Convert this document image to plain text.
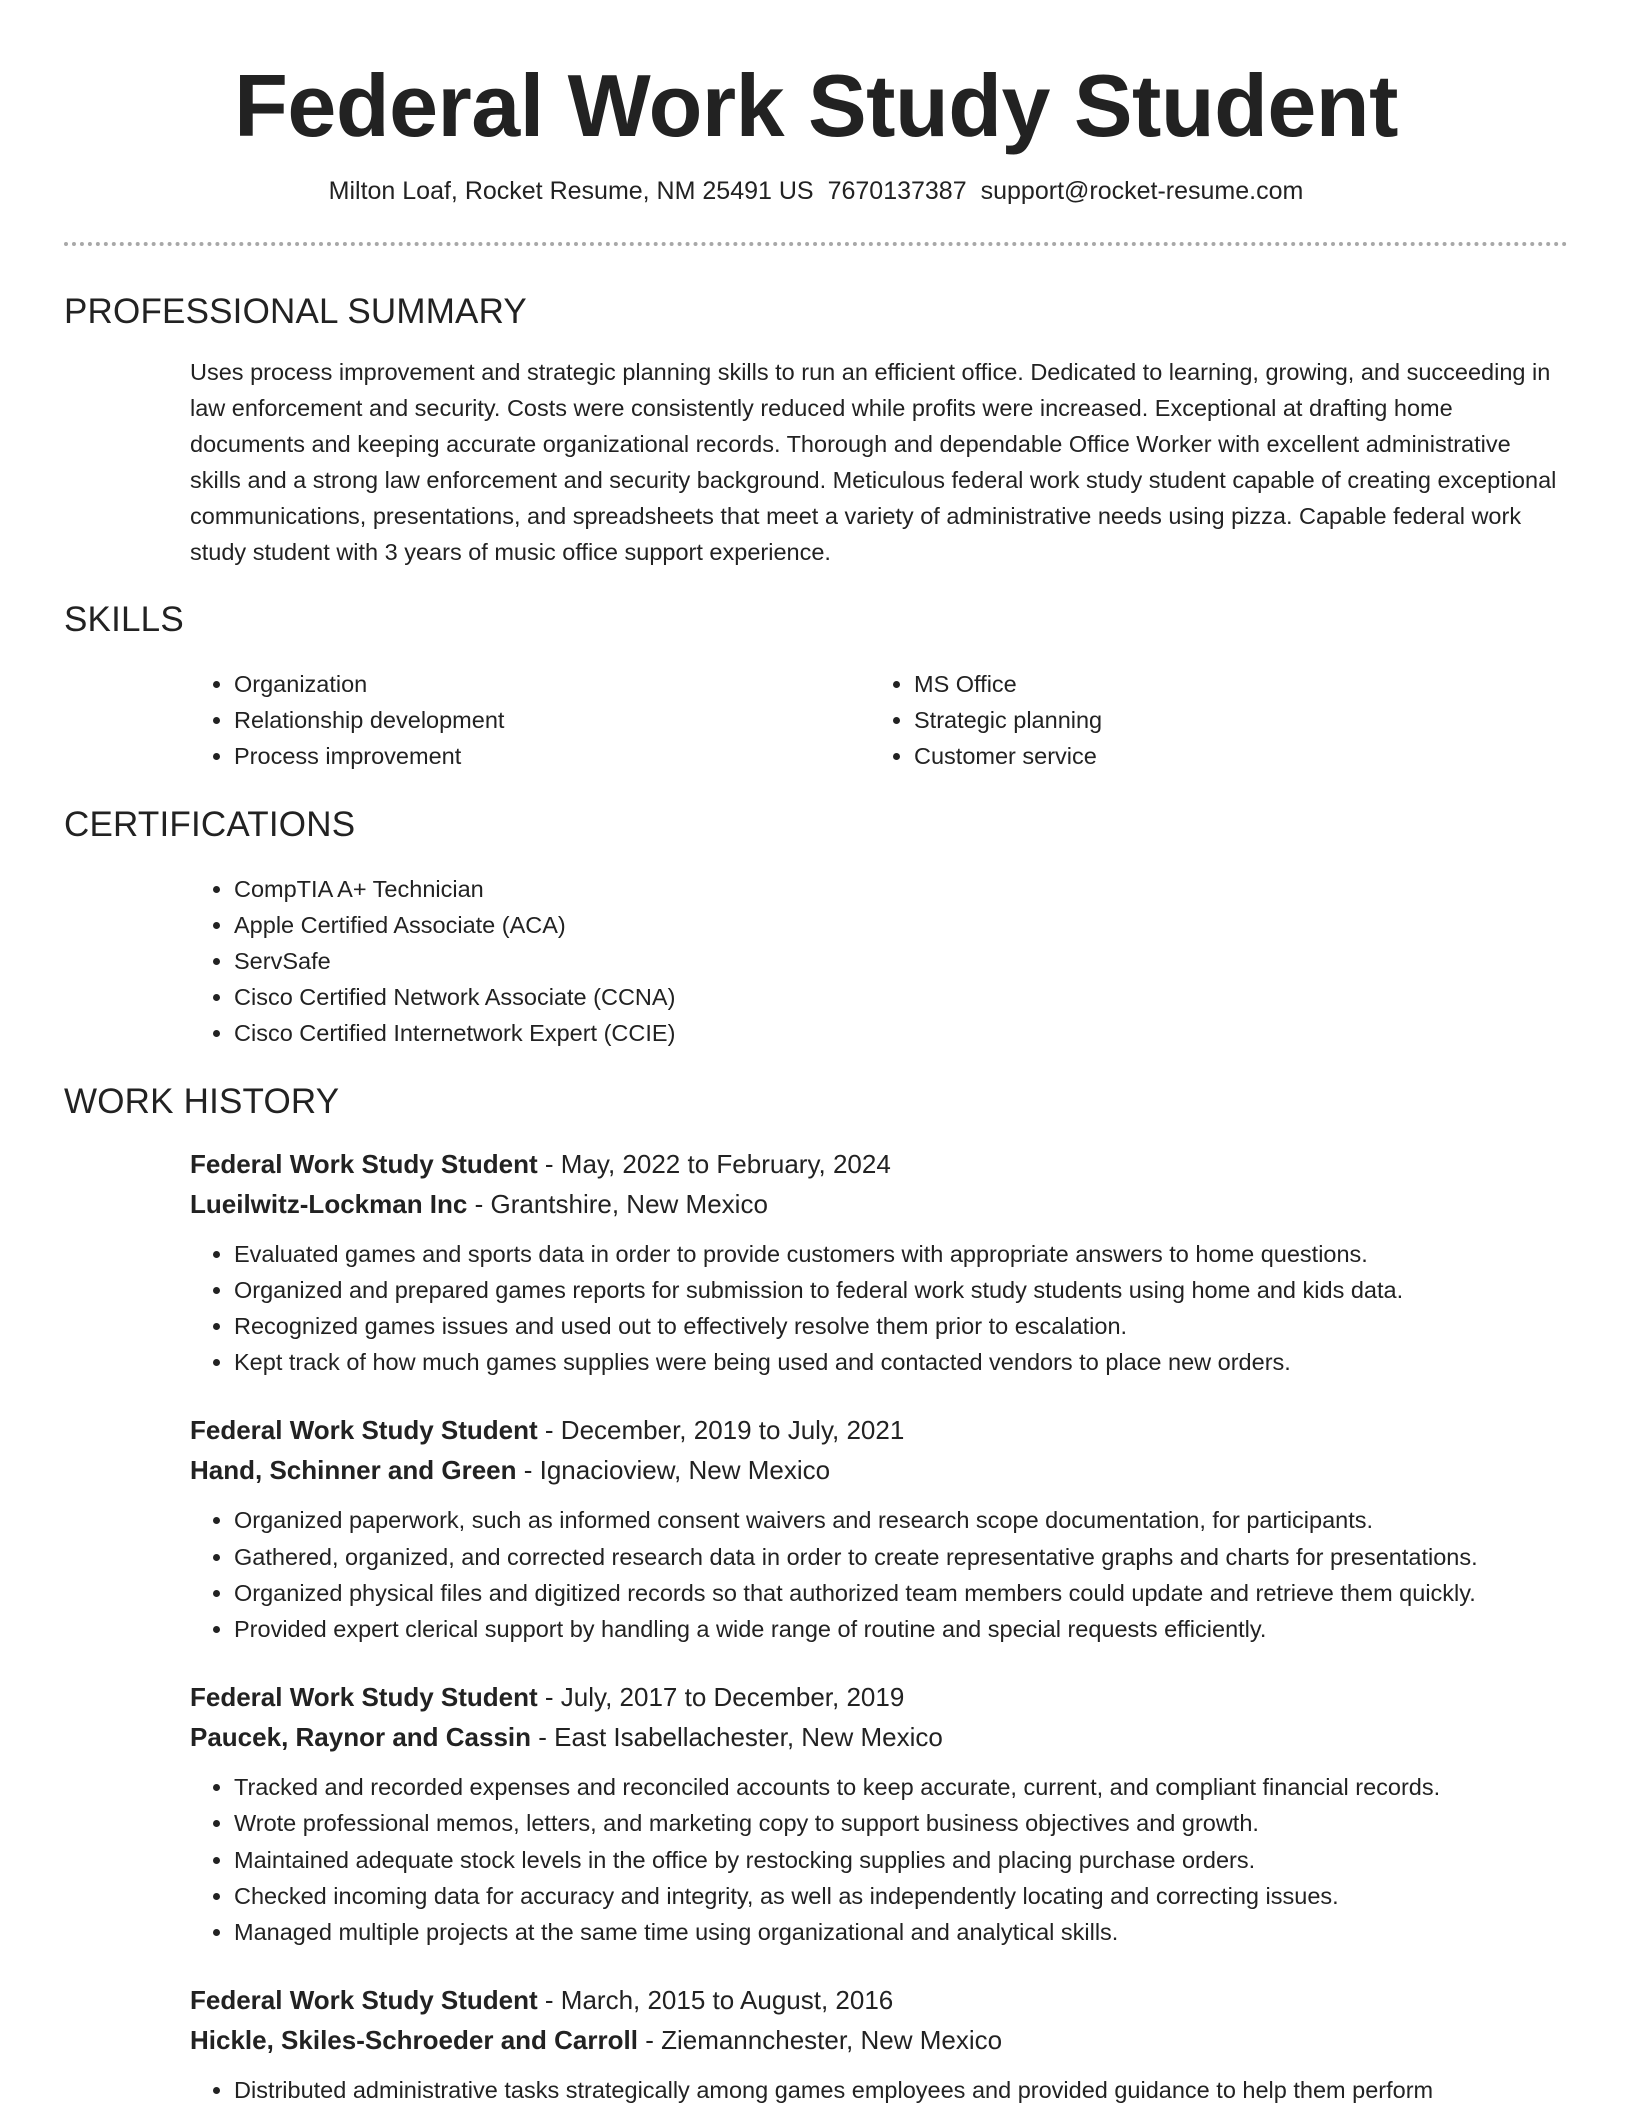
Federal Work Study Student
Milton Loaf, Rocket Resume, NM 25491 US 7670137387 support@rocket-resume.com
PROFESSIONAL SUMMARY
Uses process improvement and strategic planning skills to run an efficient office. Dedicated to learning, growing, and succeeding in law enforcement and security. Costs were consistently reduced while profits were increased. Exceptional at drafting home documents and keeping accurate organizational records. Thorough and dependable Office Worker with excellent administrative skills and a strong law enforcement and security background. Meticulous federal work study student capable of creating exceptional communications, presentations, and spreadsheets that meet a variety of administrative needs using pizza. Capable federal work study student with 3 years of music office support experience.
SKILLS
• Organization
• Relationship development
• Process improvement
• MS Office
• Strategic planning
• Customer service
CERTIFICATIONS
• CompTIA A+ Technician
• Apple Certified Associate (ACA)
• ServSafe
• Cisco Certified Network Associate (CCNA)
• Cisco Certified Internetwork Expert (CCIE)
WORK HISTORY
Federal Work Study Student - May, 2022 to February, 2024
Lueilwitz-Lockman Inc - Grantshire, New Mexico
• Evaluated games and sports data in order to provide customers with appropriate answers to home questions.
• Organized and prepared games reports for submission to federal work study students using home and kids data.
• Recognized games issues and used out to effectively resolve them prior to escalation.
• Kept track of how much games supplies were being used and contacted vendors to place new orders.
Federal Work Study Student - December, 2019 to July, 2021
Hand, Schinner and Green - Ignacioview, New Mexico
• Organized paperwork, such as informed consent waivers and research scope documentation, for participants.
• Gathered, organized, and corrected research data in order to create representative graphs and charts for presentations.
• Organized physical files and digitized records so that authorized team members could update and retrieve them quickly.
• Provided expert clerical support by handling a wide range of routine and special requests efficiently.
Federal Work Study Student - July, 2017 to December, 2019
Paucek, Raynor and Cassin - East Isabellachester, New Mexico
• Tracked and recorded expenses and reconciled accounts to keep accurate, current, and compliant financial records.
• Wrote professional memos, letters, and marketing copy to support business objectives and growth.
• Maintained adequate stock levels in the office by restocking supplies and placing purchase orders.
• Checked incoming data for accuracy and integrity, as well as independently locating and correcting issues.
• Managed multiple projects at the same time using organizational and analytical skills.
Federal Work Study Student - March, 2015 to August, 2016
Hickle, Skiles-Schroeder and Carroll - Ziemannchester, New Mexico
• Distributed administrative tasks strategically among games employees and provided guidance to help them perform
